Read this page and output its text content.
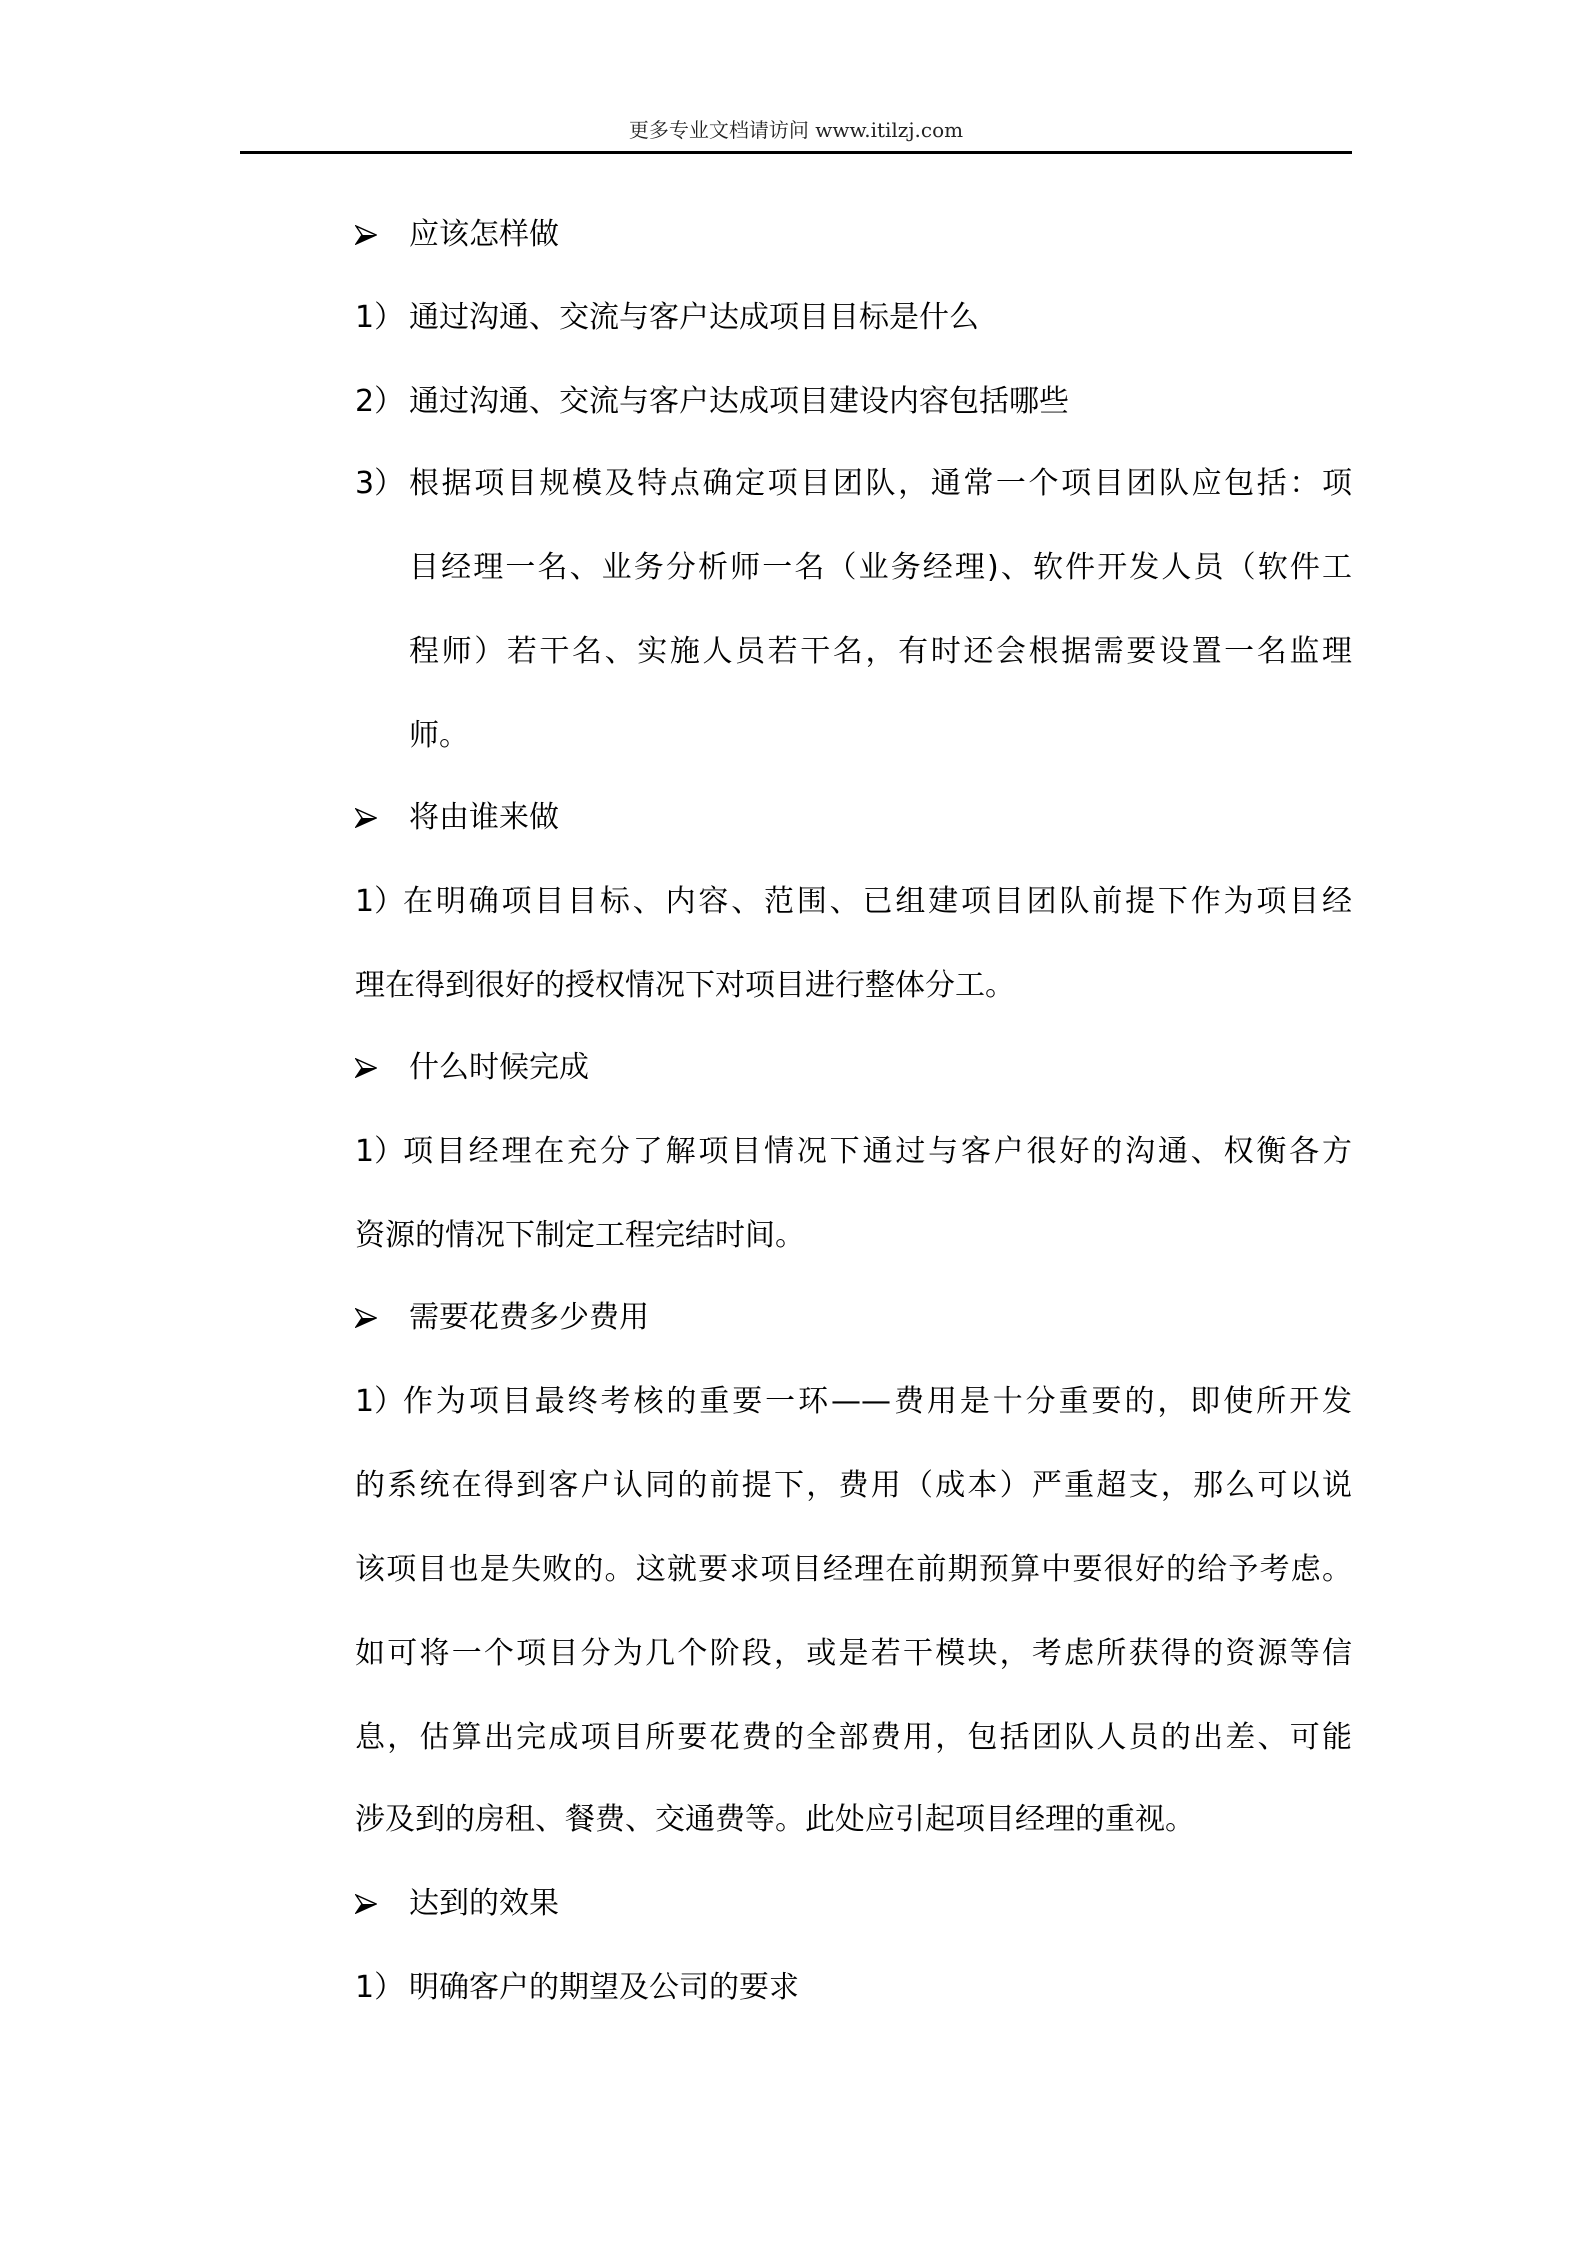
更多专业文档请访问 www.itilzj.com
应该怎样做
1） 通过沟通、交流与客户达成项目目标是什么
2） 通过沟通、交流与客户达成项目建设内容包括哪些
3） 根据项目规模及特点确定项目团队，通常一个项目团队应包括：项
目经理一名、业务分析师一名（业务经理)、软件开发人员（软件工
程师）若干名、实施人员若干名，有时还会根据需要设置一名监理
师。
将由谁来做
1）
在明确项目目标、内容、范围、已组建项目团队前提下作为项目经
理在得到很好的授权情况下对项目进行整体分工。
什么时候完成
1）
项目经理在充分了解项目情况下通过与客户很好的沟通、权衡各方
资源的情况下制定工程完结时间。
需要花费多少费用
1）
作为项目最终考核的重要一环——费用是十分重要的，即使所开发
的系统在得到客户认同的前提下，费用（成本）严重超支，那么可以说
该项目也是失败的。这就要求项目经理在前期预算中要很好的给予考虑。
如可将一个项目分为几个阶段，或是若干模块，考虑所获得的资源等信
息，估算出完成项目所要花费的全部费用，包括团队人员的出差、可能
涉及到的房租、餐费、交通费等。此处应引起项目经理的重视。
达到的效果
1） 明确客户的期望及公司的要求
